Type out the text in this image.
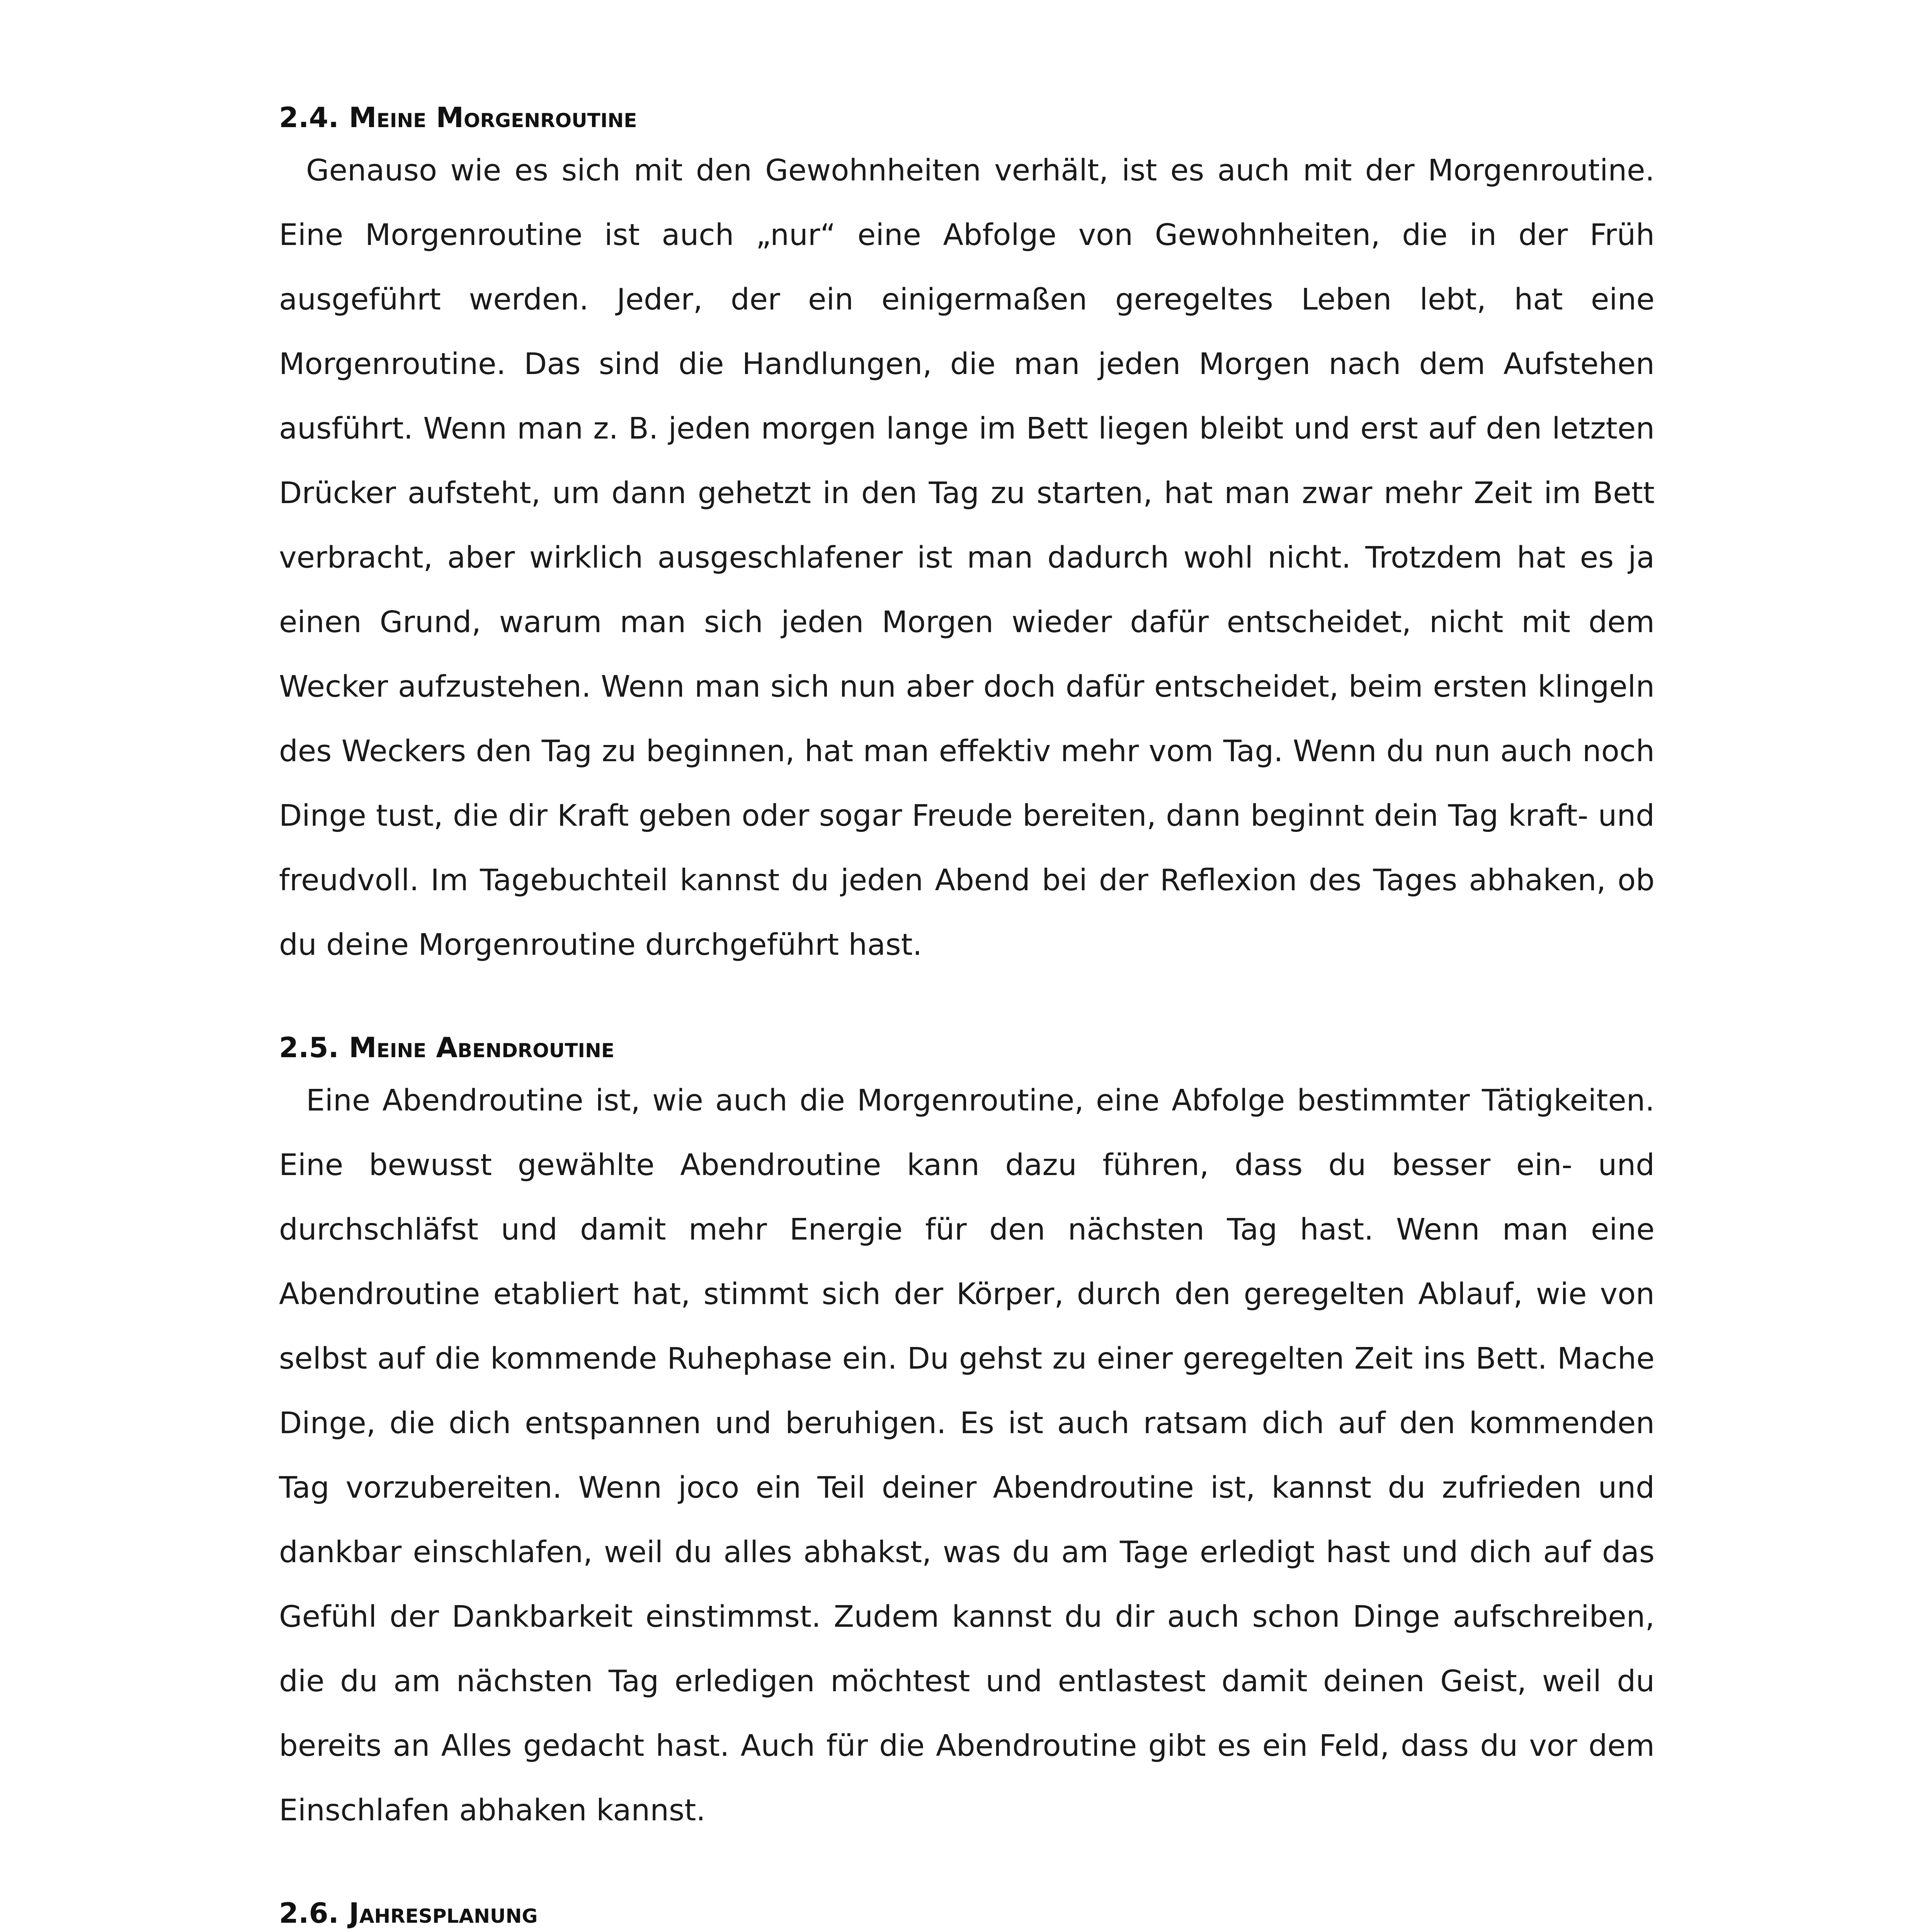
2.4. Meine Morgenroutine

Genauso wie es sich mit den Gewohnheiten verhält, ist es auch mit der Morgenroutine. Eine Morgenroutine ist auch „nur“ eine Abfolge von Gewohnheiten, die in der Früh ausgeführt werden. Jeder, der ein einigermaßen geregeltes Leben lebt, hat eine Morgenroutine. Das sind die Handlungen, die man jeden Morgen nach dem Aufstehen ausführt. Wenn man z. B. jeden morgen lange im Bett liegen bleibt und erst auf den letzten Drücker aufsteht, um dann gehetzt in den Tag zu starten, hat man zwar mehr Zeit im Bett verbracht, aber wirklich ausgeschlafener ist man dadurch wohl nicht. Trotzdem hat es ja einen Grund, warum man sich jeden Morgen wieder dafür entscheidet, nicht mit dem Wecker aufzustehen. Wenn man sich nun aber doch dafür entscheidet, beim ersten klingeln des Weckers den Tag zu beginnen, hat man effektiv mehr vom Tag. Wenn du nun auch noch Dinge tust, die dir Kraft geben oder sogar Freude bereiten, dann beginnt dein Tag kraft- und freudvoll. Im Tagebuchteil kannst du jeden Abend bei der Reflexion des Tages abhaken, ob du deine Morgenroutine durchgeführt hast.

2.5. Meine Abendroutine

Eine Abendroutine ist, wie auch die Morgenroutine, eine Abfolge bestimmter Tätigkeiten. Eine bewusst gewählte Abendroutine kann dazu führen, dass du besser ein- und durchschläfst und damit mehr Energie für den nächsten Tag hast. Wenn man eine Abendroutine etabliert hat, stimmt sich der Körper, durch den geregelten Ablauf, wie von selbst auf die kommende Ruhephase ein. Du gehst zu einer geregelten Zeit ins Bett. Mache Dinge, die dich entspannen und beruhigen. Es ist auch ratsam dich auf den kommenden Tag vorzubereiten. Wenn joco ein Teil deiner Abendroutine ist, kannst du zufrieden und dankbar einschlafen, weil du alles abhakst, was du am Tage erledigt hast und dich auf das Gefühl der Dankbarkeit einstimmst. Zudem kannst du dir auch schon Dinge aufschreiben, die du am nächsten Tag erledigen möchtest und entlastest damit deinen Geist, weil du bereits an Alles gedacht hast. Auch für die Abendroutine gibt es ein Feld, dass du vor dem Einschlafen abhaken kannst.

2.6. Jahresplanung
